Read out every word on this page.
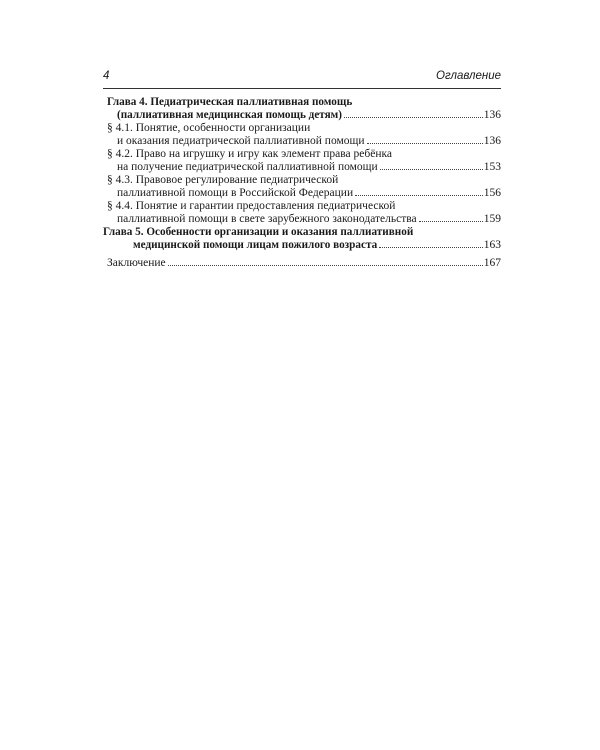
4	Оглавление
Глава 4. Педиатрическая паллиативная помощь
(паллиативная медицинская помощь детям)	136
§ 4.1. Понятие, особенности организации
и оказания педиатрической паллиативной помощи	136
§ 4.2. Право на игрушку и игру как элемент права ребёнка
на получение педиатрической паллиативной помощи	153
§ 4.3. Правовое регулирование педиатрической
паллиативной помощи в Российской Федерации	156
§ 4.4. Понятие и гарантии предоставления педиатрической
паллиативной помощи в свете зарубежного законодательства	159
Глава 5. Особенности организации и оказания паллиативной
медицинской помощи лицам пожилого возраста	163
Заключение	167
